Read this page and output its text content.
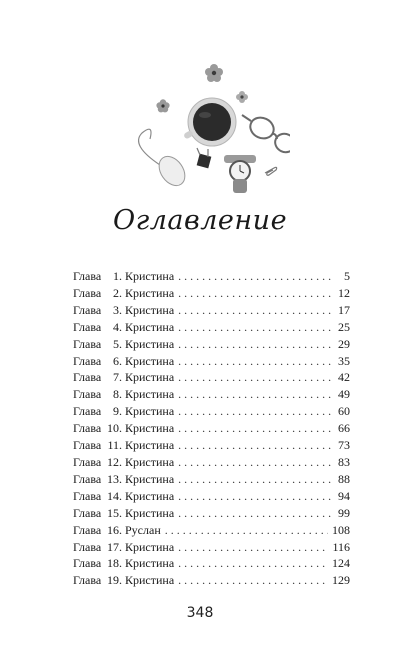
Оглавление
Глава 1. Кристина . . .	5
Глава 2. Кристина . . .	12
Глава 3. Кристина . . .	17
Глава 4. Кристина . . .	25
Глава 5. Кристина . . .	29
Глава 6. Кристина . . .	35
Глава 7. Кристина . . .	42
Глава 8. Кристина . . .	49
Глава 9. Кристина . . .	60
Глава 10. Кристина . . .	66
Глава 11. Кристина . . .	73
Глава 12. Кристина . . .	83
Глава 13. Кристина . . .	88
Глава 14. Кристина . . .	94
Глава 15. Кристина . . .	99
Глава 16. Руслан . . .	108
Глава 17. Кристина . . .	116
Глава 18. Кристина . . .	124
Глава 19. Кристина . . .	129
348
